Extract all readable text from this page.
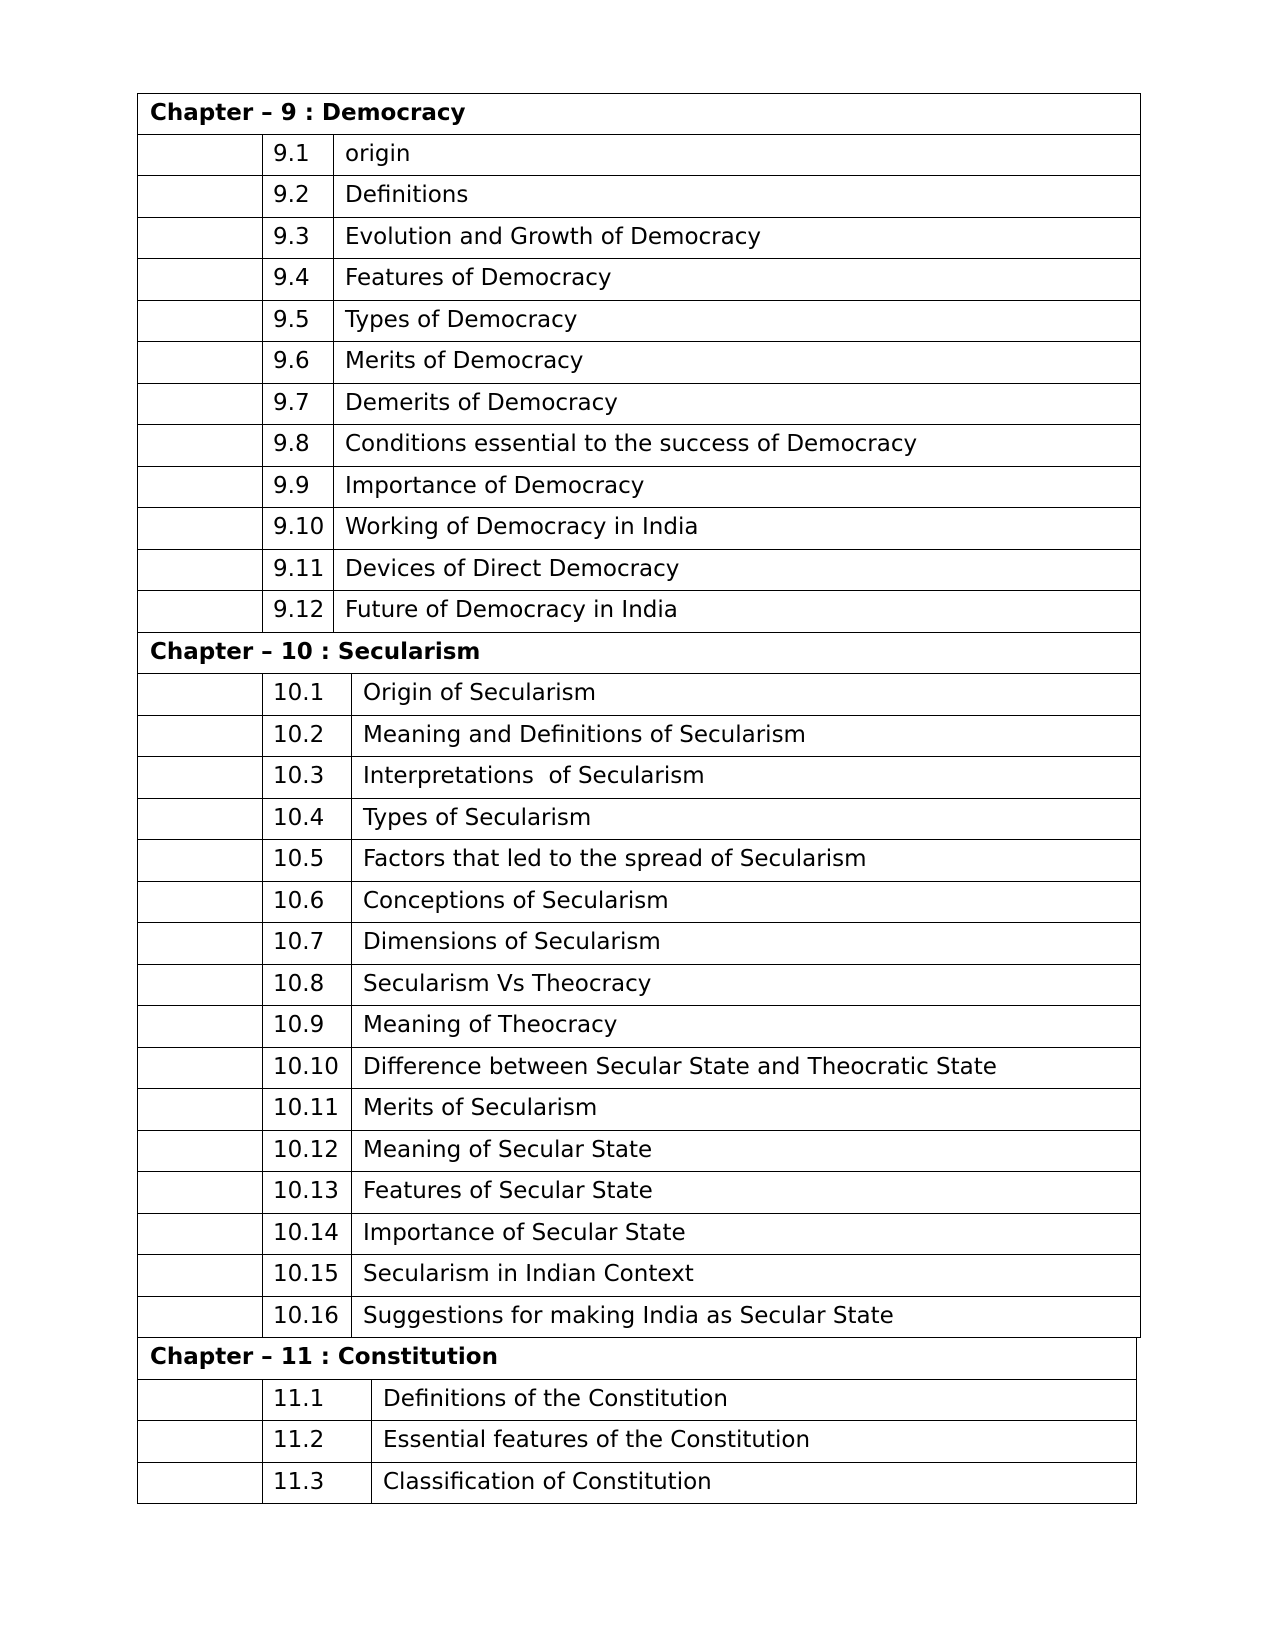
Chapter – 9 : Democracy
9.1	origin
9.2	Definitions
9.3	Evolution and Growth of Democracy
9.4	Features of Democracy
9.5	Types of Democracy
9.6	Merits of Democracy
9.7	Demerits of Democracy
9.8	Conditions essential to the success of Democracy
9.9	Importance of Democracy
9.10 Working of Democracy in India
9.11 Devices of Direct Democracy
9.12 Future of Democracy in India
Chapter – 10 : Secularism
10.1	Origin of Secularism
10.2	Meaning and Definitions of Secularism
10.3	Interpretations  of Secularism
10.4	Types of Secularism
10.5	Factors that led to the spread of Secularism
10.6	Conceptions of Secularism
10.7	Dimensions of Secularism
10.8	Secularism Vs Theocracy
10.9	Meaning of Theocracy
10.10	Difference between Secular State and Theocratic State
10.11	Merits of Secularism
10.12	Meaning of Secular State
10.13	Features of Secular State
10.14	Importance of Secular State
10.15	Secularism in Indian Context
10.16	Suggestions for making India as Secular State
Chapter – 11 : Constitution
11.1	Definitions of the Constitution
11.2	Essential features of the Constitution
11.3	Classification of Constitution
